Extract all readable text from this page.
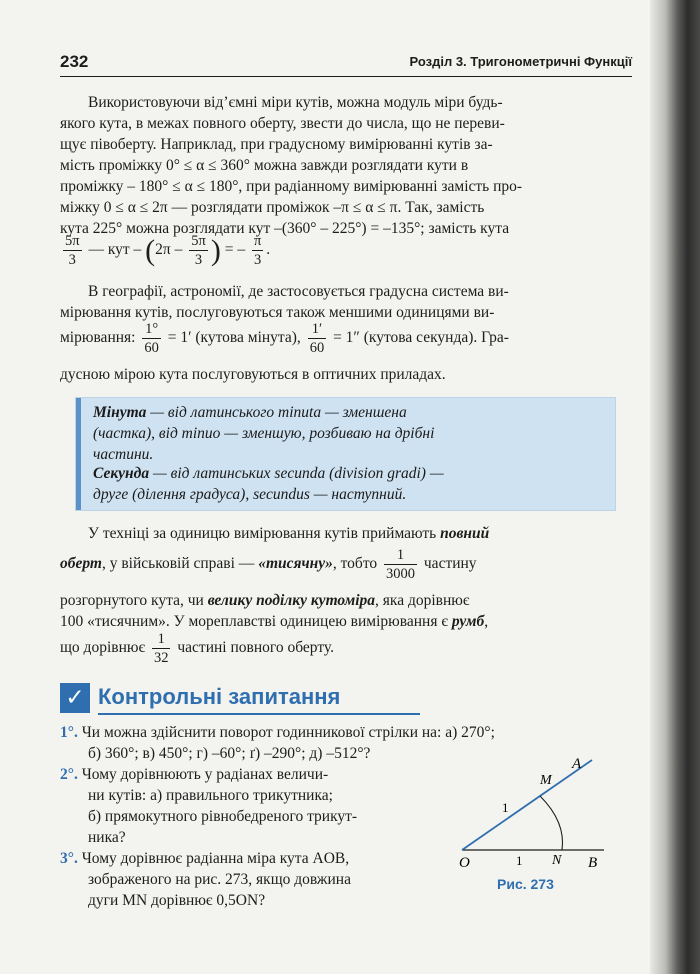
232	Розділ 3. Тригонометричні Функції
Використовуючи від’ємні міри кутів, можна модуль міри будь-
якого кута, в межах повного оберту, звести до числа, що не переви-
щує півоберту. Наприклад, при градусному вимірюванні кутів за-
мість проміжку 0° ≤ α ≤ 360° можна завжди розглядати кути в
проміжку – 180° ≤ α ≤ 180°, при радіанному вимірюванні замість про-
міжку 0 ≤ α ≤ 2π — розглядати проміжок –π ≤ α ≤ π. Так, замість
кута 225° можна розглядати кут –(360° – 225°) = –135°; замість кута
$\frac{5\pi}{3}$ — кут – ($2\pi - \frac{5\pi}{3}$ ) = – $\frac{\pi}{3}$ .
В географії, астрономії, де застосовується градусна система ви-
мірювання кутів, послуговуються також меншими одиницями ви-
мірювання: $\frac{1^\circ}{60} = 1'$ (кутова мінута), $\frac{1'}{60} = 1''$ (кутова секунда). Гра-
дусною мірою кута послуговуються в оптичних приладах.
Мінута — від латинського minuta — зменшена
(частка), від minuo — зменшую, розбиваю на дрібні
частини.
Секунда — від латинських secunda (division gradi) —
друге (ділення градуса), secundus — наступний.
У техніці за одиницю вимірювання кутів приймають повний
оберт, у військовій справі — «тисячну», тобто $\frac{1}{3000}$ частину
розгорнутого кута, чи велику поділку кутоміра, яка дорівнює
100 «тисячним». У мореплавстві одиницею вимірювання є румб,
що дорівнює $\frac{1}{32}$ частині повного оберту.
✓ Контрольні запитання
1°. Чи можна здійснити поворот годинникової стрілки на: а) 270°;
б) 360°; в) 450°; г) –60°; ґ) –290°; д) –512°?
2°. Чому дорівнюють у радіанах величи-
ни кутів: а) правильного трикутника;
б) прямокутного рівнобедреного трикут-
ника?
3°. Чому дорівнює радіанна міра кута AOB,
зображеного на рис. 273, якщо довжина
дуги MN дорівнює 0,5ON?
A
M
1
O	1 N B
Рис. 273
